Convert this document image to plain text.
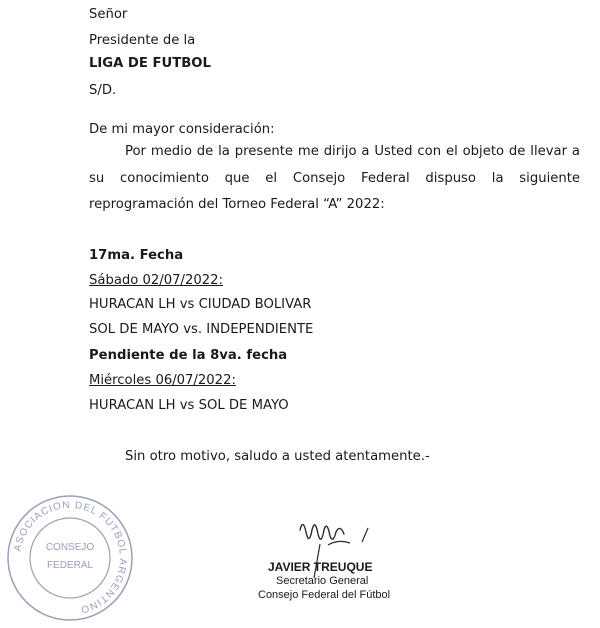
Señor
Presidente de la
LIGA DE FUTBOL
S/D.
De mi mayor consideración:
Por medio de la presente me dirijo a Usted con el objeto de llevar a su conocimiento que el Consejo Federal dispuso la siguiente reprogramación del Torneo Federal “A” 2022:
17ma. Fecha
Sábado 02/07/2022:
HURACAN LH vs CIUDAD BOLIVAR
SOL DE MAYO vs. INDEPENDIENTE
Pendiente de la 8va. fecha
Miércoles 06/07/2022:
HURACAN LH vs SOL DE MAYO
Sin otro motivo, saludo a usted atentamente.-
ASOCIACION DEL FUTBOL ARGENTINO
CONSEJO
FEDERAL	JAVIER TREUQUE
Secretario General
Consejo Federal del Fútbol
